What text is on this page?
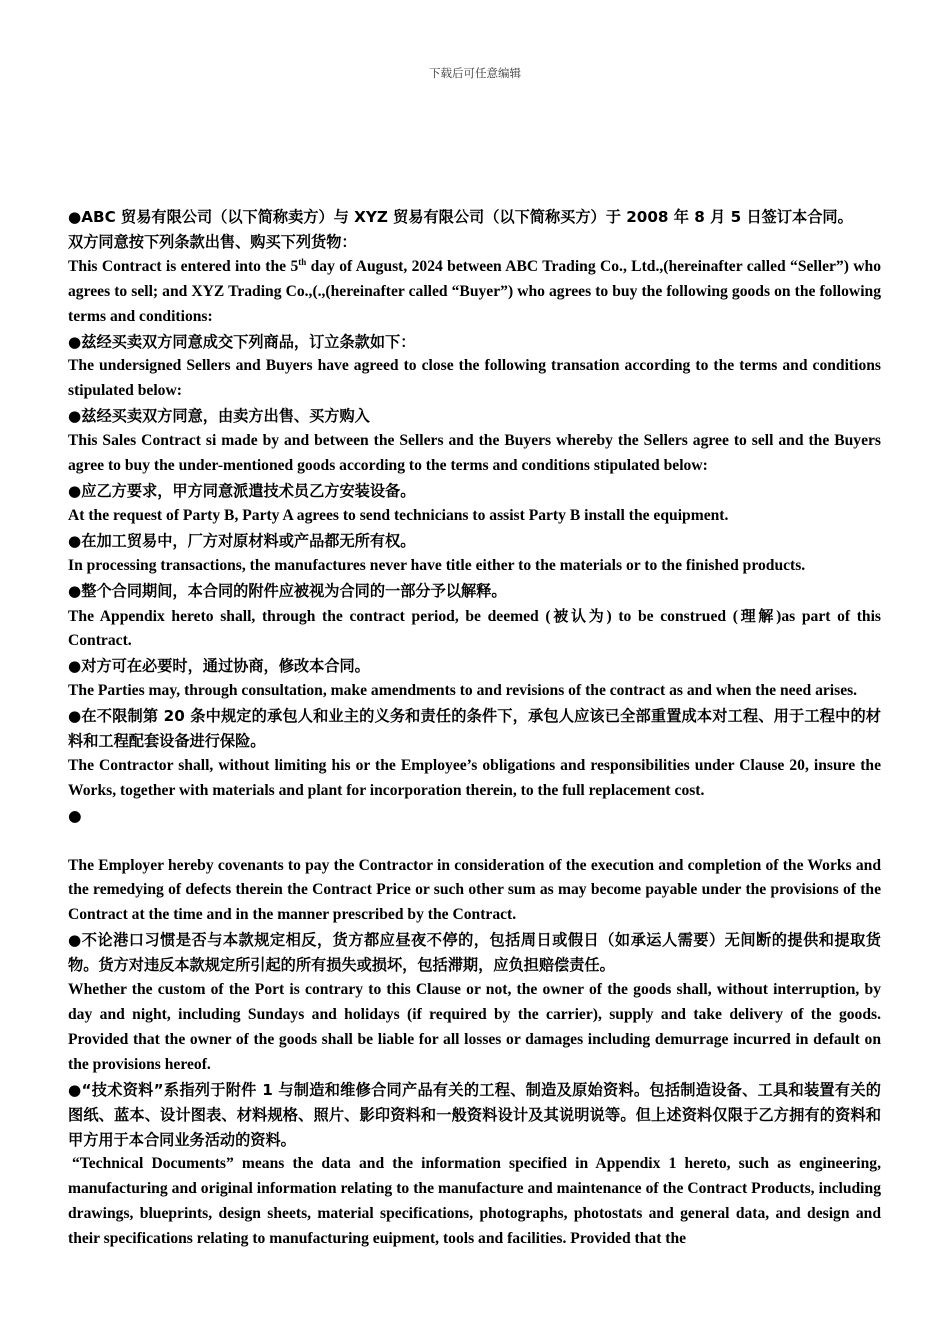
下载后可任意编辑

●ABC 贸易有限公司（以下简称卖方）与 XYZ 贸易有限公司（以下简称买方）于 2008 年 8 月 5 日签订本合同。

双方同意按下列条款出售、购买下列货物：

This Contract is entered into the 5th day of August, 2024 between ABC Trading Co., Ltd.,(hereinafter called “Seller”) who agrees to sell; and XYZ Trading Co.,(.,(hereinafter called “Buyer”) who agrees to buy the following goods on the following terms and conditions:

●兹经买卖双方同意成交下列商品，订立条款如下：

The undersigned Sellers and Buyers have agreed to close the following transation according to the terms and conditions stipulated below:

●兹经买卖双方同意，由卖方出售、买方购入

This Sales Contract si made by and between the Sellers and the Buyers whereby the Sellers agree to sell and the Buyers agree to buy the under-mentioned goods according to the terms and conditions stipulated below:

●应乙方要求，甲方同意派遣技术员乙方安装设备。

At the request of Party B, Party A agrees to send technicians to assist Party B install the equipment.

●在加工贸易中，厂方对原材料或产品都无所有权。

In processing transactions, the manufactures never have title either to the materials or to the finished products.

●整个合同期间，本合同的附件应被视为合同的一部分予以解释。

The Appendix hereto shall, through the contract period, be deemed (被认为) to be construed (理解)as part of this Contract.

●对方可在必要时，通过协商，修改本合同。

The Parties may, through consultation, make amendments to and revisions of the contract as and when the need arises.

●在不限制第 20 条中规定的承包人和业主的义务和责任的条件下，承包人应该已全部重置成本对工程、用于工程中的材料和工程配套设备进行保险。

The Contractor shall, without limiting his or the Employee’s obligations and responsibilities under Clause 20, insure the Works, together with materials and plant for incorporation therein, to the full replacement cost.

●

The Employer hereby covenants to pay the Contractor in consideration of the execution and completion of the Works and the remedying of defects therein the Contract Price or such other sum as may become payable under the provisions of the Contract at the time and in the manner prescribed by the Contract.

●不论港口习惯是否与本款规定相反，货方都应昼夜不停的，包括周日或假日（如承运人需要）无间断的提供和提取货物。货方对违反本款规定所引起的所有损失或损坏，包括滞期，应负担赔偿责任。

Whether the custom of the Port is contrary to this Clause or not, the owner of the goods shall, without interruption, by day and night, including Sundays and holidays (if required by the carrier), supply and take delivery of the goods. Provided that the owner of the goods shall be liable for all losses or damages including demurrage incurred in default on the provisions hereof.

●“技术资料”系指列于附件 1 与制造和维修合同产品有关的工程、制造及原始资料。包括制造设备、工具和装置有关的图纸、蓝本、设计图表、材料规格、照片、影印资料和一般资料设计及其说明说等。但上述资料仅限于乙方拥有的资料和甲方用于本合同业务活动的资料。

“Technical Documents” means the data and the information specified in Appendix 1 hereto, such as engineering, manufacturing and original information relating to the manufacture and maintenance of the Contract Products, including drawings, blueprints, design sheets, material specifications, photographs, photostats and general data, and design and their specifications relating to manufacturing euipment, tools and facilities. Provided that the
